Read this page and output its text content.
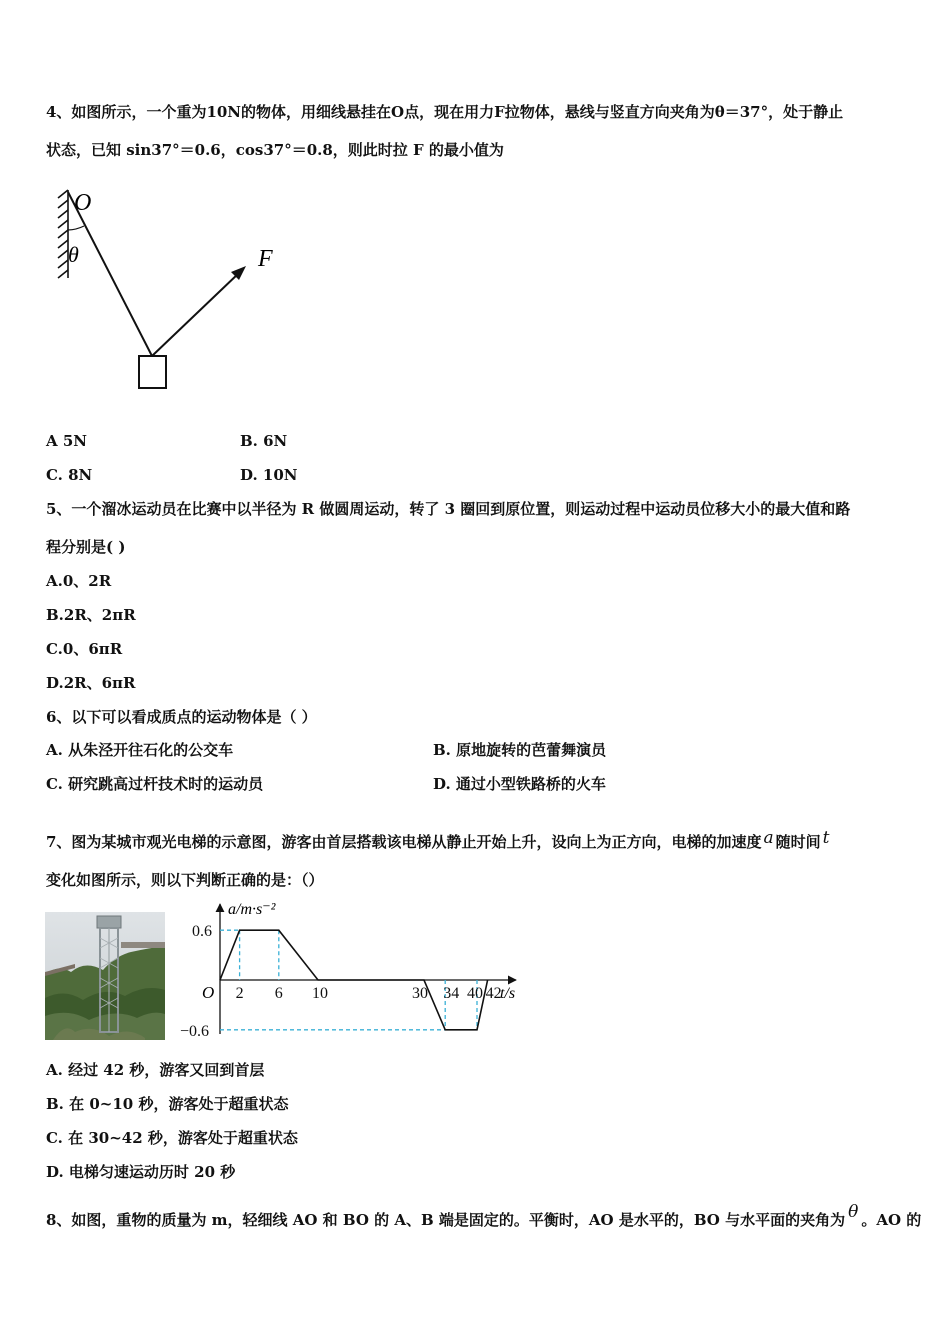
4、如图所示，一个重为10N的物体，用细线悬挂在O点，现在用力F拉物体，悬线与竖直方向夹角为θ＝37°，处于静止
状态，已知 sin37°＝0.6，cos37°＝0.8，则此时拉 F 的最小值为
O
θ	F
A 5N	B. 6N
C. 8N	D. 10N
5、一个溜冰运动员在比赛中以半径为 R 做圆周运动，转了 3 圈回到原位置，则运动过程中运动员位移大小的最大值和路
程分别是( )
A.0、2R
B.2R、2πR
C.0、6πR
D.2R、6πR
6、以下可以看成质点的运动物体是（ ）
A. 从朱泾开往石化的公交车	B. 原地旋转的芭蕾舞演员
C. 研究跳高过杆技术时的运动员	D. 通过小型铁路桥的火车
7、图为某城市观光电梯的示意图，游客由首层搭载该电梯从静止开始上升，设向上为正方向，电梯的加速度 a 随时间 t
变化如图所示，则以下判断正确的是：（）
2 6 10	30 34 40 42
0.6
−0.6
O
a/m·s⁻²
t/s
A. 经过 42 秒，游客又回到首层
B. 在 0~10 秒，游客处于超重状态
C. 在 30~42 秒，游客处于超重状态
D. 电梯匀速运动历时 20 秒
8、如图，重物的质量为 m，轻细线 AO 和 BO 的 A、B 端是固定的。平衡时，AO 是水平的，BO 与水平面的夹角为 θ 。AO 的
